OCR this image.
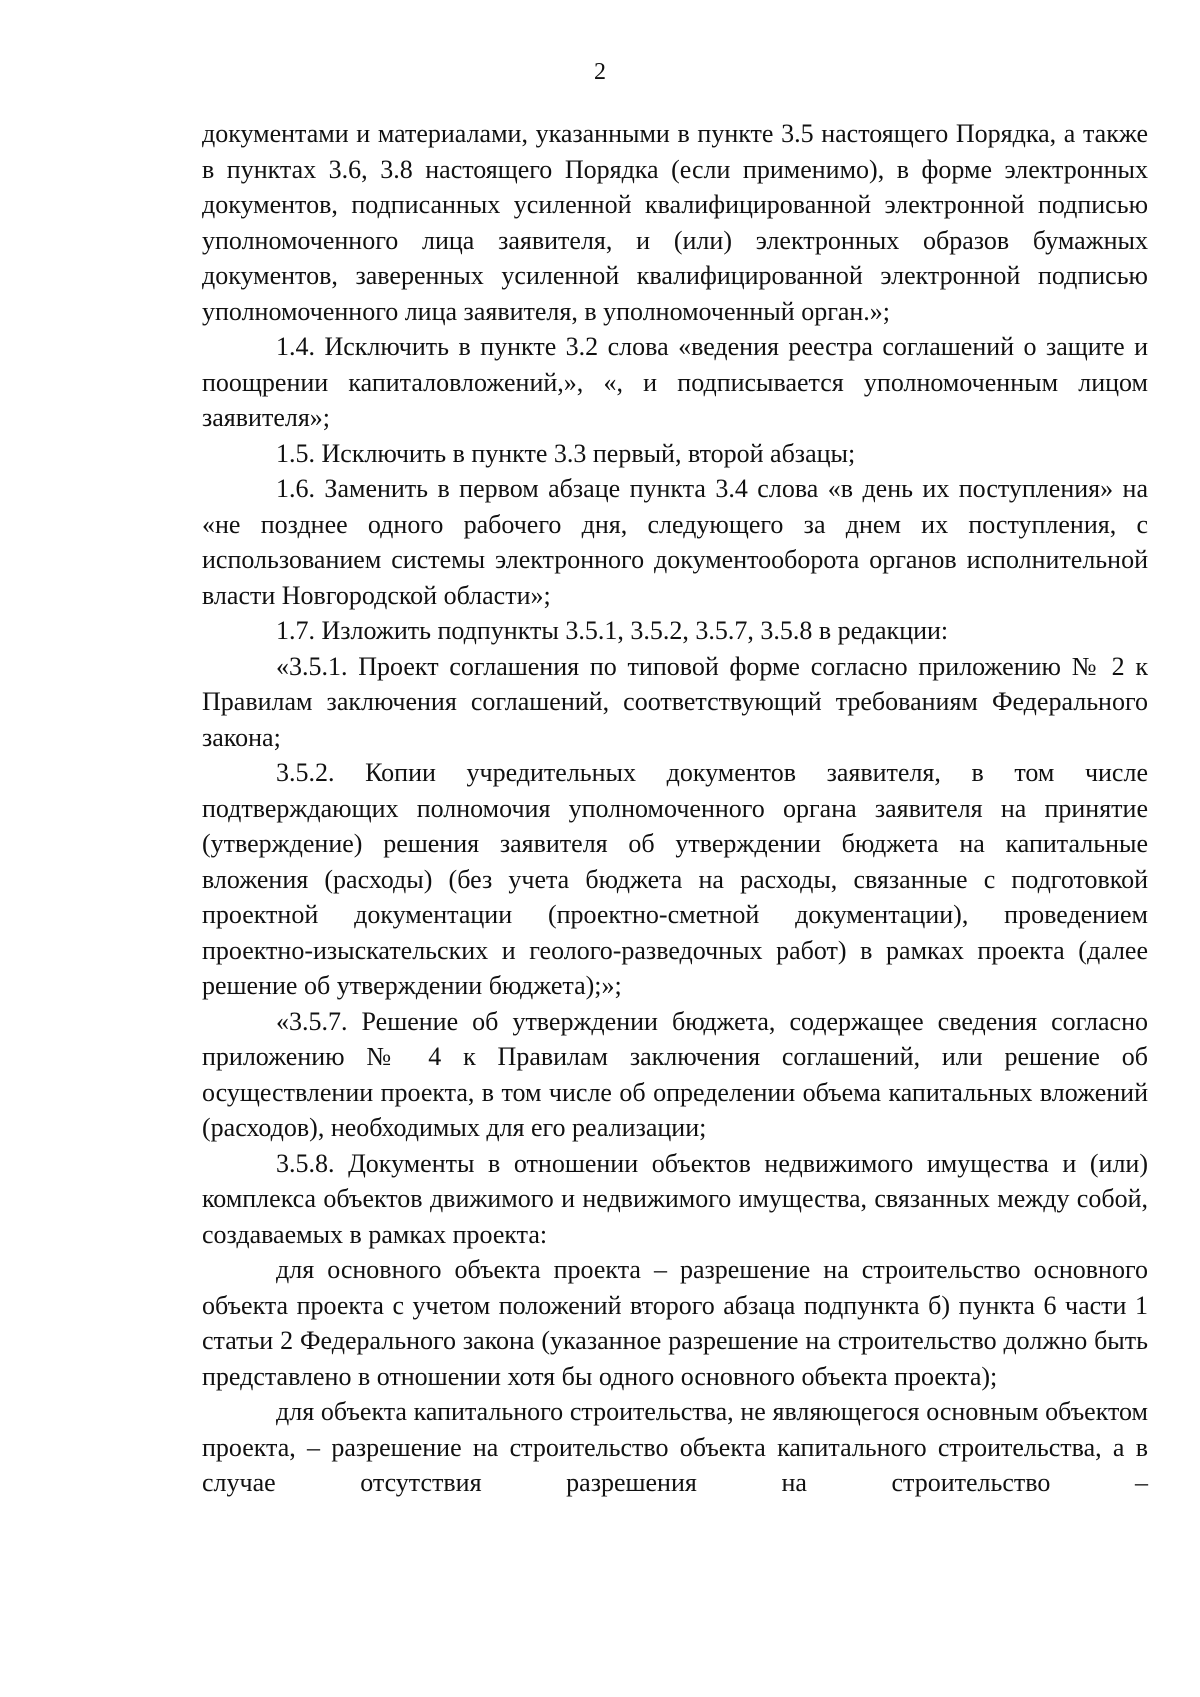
2

документами и материалами, указанными в пункте 3.5 настоящего Порядка, а также в пунктах 3.6, 3.8 настоящего Порядка (если применимо), в форме электронных документов, подписанных усиленной квалифицированной электронной подписью уполномоченного лица заявителя, и (или) электронных образов бумажных документов, заверенных усиленной квалифицированной электронной подписью уполномоченного лица заявителя, в уполномоченный орган.»;

1.4. Исключить в пункте 3.2 слова «ведения реестра соглашений о защите и поощрении капиталовложений,», «, и подписывается уполномоченным лицом заявителя»;

1.5. Исключить в пункте 3.3 первый, второй абзацы;

1.6. Заменить в первом абзаце пункта 3.4 слова «в день их поступления» на «не позднее одного рабочего дня, следующего за днем их поступления, с использованием системы электронного документооборота органов исполнительной власти Новгородской области»;

1.7. Изложить подпункты 3.5.1, 3.5.2, 3.5.7, 3.5.8 в редакции:

«3.5.1. Проект соглашения по типовой форме согласно приложению № 2 к Правилам заключения соглашений, соответствующий требованиям Федерального закона;

3.5.2. Копии учредительных документов заявителя, в том числе подтверждающих полномочия уполномоченного органа заявителя на принятие (утверждение) решения заявителя об утверждении бюджета на капитальные вложения (расходы) (без учета бюджета на расходы, связанные с подготовкой проектной документации (проектно-сметной документации), проведением проектно-изыскательских и геолого-разведочных работ) в рамках проекта (далее решение об утверждении бюджета);»;

«3.5.7. Решение об утверждении бюджета, содержащее сведения согласно приложению № 4 к Правилам заключения соглашений, или решение об осуществлении проекта, в том числе об определении объема капитальных вложений (расходов), необходимых для его реализации;

3.5.8. Документы в отношении объектов недвижимого имущества и (или) комплекса объектов движимого и недвижимого имущества, связанных между собой, создаваемых в рамках проекта:

для основного объекта проекта – разрешение на строительство основного объекта проекта с учетом положений второго абзаца подпункта б) пункта 6 части 1 статьи 2 Федерального закона (указанное разрешение на строительство должно быть представлено в отношении хотя бы одного основного объекта проекта);

для объекта капитального строительства, не являющегося основным объектом проекта, – разрешение на строительство объекта капитального строительства, а в случае отсутствия разрешения на строительство –
